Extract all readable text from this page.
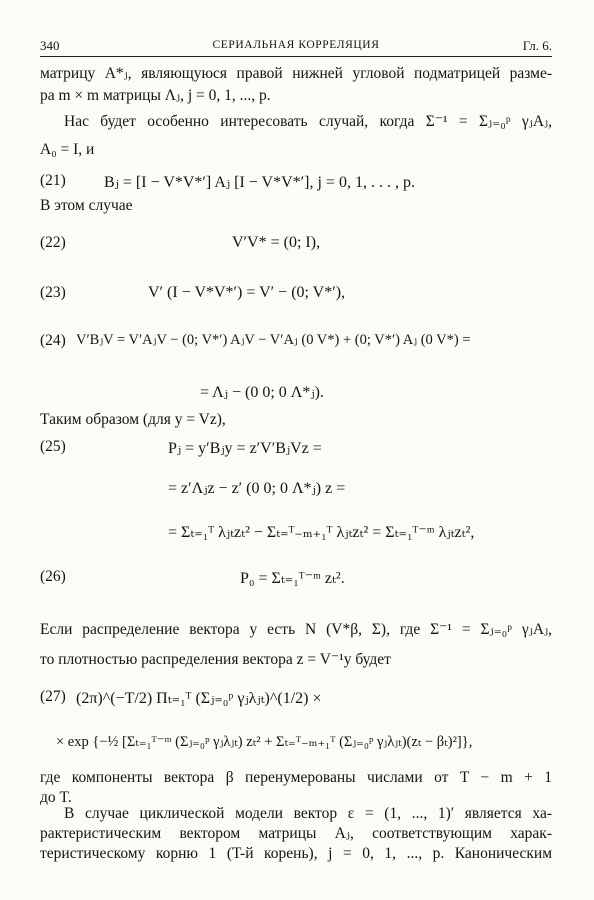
340	СЕРИАЛЬНАЯ КОРРЕЛЯЦИЯ	Гл. 6.
матрицу A*ⱼ, являющуюся правой нижней угловой подматрицей разме-
ра m × m матрицы Λⱼ, j = 0, 1, ..., p.
Нас будет особенно интересовать случай, когда Σ⁻¹ = Σⱼ₌₀ᵖ γⱼAⱼ,
A₀ = I, и
(21) Bⱼ = [I − V*V*′] Aⱼ [I − V*V*′], j = 0, 1, . . . , p.
В этом случае
(22)	V′V* = (0; I),
(23)	V′ (I − V*V*′) = V′ − (0; V*′),
(24) V′BⱼV = V′AⱼV − (0; V*′) AⱼV − V′Aⱼ (0 V*) + (0; V*′) Aⱼ (0 V*) =
= Λⱼ − (0 0; 0 Λ*ⱼ).
Таким образом (для y = Vz),
(25)	Pⱼ = y′Bⱼy = z′V′BⱼVz =
= z′Λⱼz − z′ (0 0; 0 Λ*ⱼ) z =
= Σₜ₌₁ᵀ λⱼₜzₜ² − Σₜ₌ᵀ₋ₘ₊₁ᵀ λⱼₜzₜ² = Σₜ₌₁ᵀ⁻ᵐ λⱼₜzₜ²,
(26)	P₀ = Σₜ₌₁ᵀ⁻ᵐ zₜ².
Если распределение вектора y есть N (V*β, Σ), где Σ⁻¹ = Σⱼ₌₀ᵖ γⱼAⱼ,
то плотностью распределения вектора z = V⁻¹y будет
(27) (2π)^(−T/2) Πₜ₌₁ᵀ (Σⱼ₌₀ᵖ γⱼλⱼₜ)^(1/2) ×
× exp {−½ [Σₜ₌₁ᵀ⁻ᵐ (Σⱼ₌₀ᵖ γⱼλⱼₜ) zₜ² + Σₜ₌ᵀ₋ₘ₊₁ᵀ (Σⱼ₌₀ᵖ γⱼλⱼₜ)(zₜ − βₜ)²]},
где компоненты вектора β перенумерованы числами от T − m + 1
до T.
В случае циклической модели вектор ε = (1, ..., 1)′ является ха-
рактеристическим вектором матрицы Aⱼ, соответствующим харак-
теристическому корню 1 (T-й корень), j = 0, 1, ..., p. Каноническим
